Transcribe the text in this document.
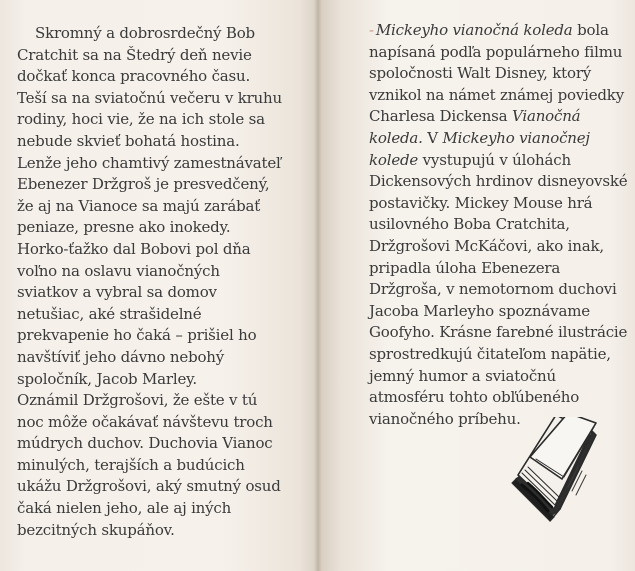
Skromný a dobrosrdečný Bob
Cratchit sa na Štedrý deň nevie
dočkať konca pracovného času.
Teší sa na sviatočnú večeru v kruhu
rodiny, hoci vie, že na ich stole sa
nebude skvieť bohatá hostina.
Lenže jeho chamtivý zamestnávateľ
Ebenezer Držgroš je presvedčený,
že aj na Vianoce sa majú zarábať
peniaze, presne ako inokedy.
Horko-ťažko dal Bobovi pol dňa
voľno na oslavu vianočných
sviatkov a vybral sa domov
netušiac, aké strašidelné
prekvapenie ho čaká – prišiel ho
navštíviť jeho dávno nebohý
spoločník, Jacob Marley.
Oznámil Držgrošovi, že ešte v tú
noc môže očakávať návštevu troch
múdrych duchov. Duchovia Vianoc
minulých, terajších a budúcich
ukážu Držgrošovi, aký smutný osud
čaká nielen jeho, ale aj iných
bezcitných skupáňov.
- Mickeyho vianočná koleda bola
napísaná podľa populárneho filmu
spoločnosti Walt Disney, ktorý
vznikol na námet známej poviedky
Charlesa Dickensa Vianočná
koleda. V Mickeyho vianočnej
kolede vystupujú v úlohách
Dickensových hrdinov disneyovské
postavičky. Mickey Mouse hrá
usilovného Boba Cratchita,
Držgrošovi McKáčovi, ako inak,
pripadla úloha Ebenezera
Držgroša, v nemotornom duchovi
Jacoba Marleyho spoznávame
Goofyho. Krásne farebné ilustrácie
sprostredkujú čitateľom napätie,
jemný humor a sviatočnú
atmosféru tohto obľúbeného
vianočného príbehu.
